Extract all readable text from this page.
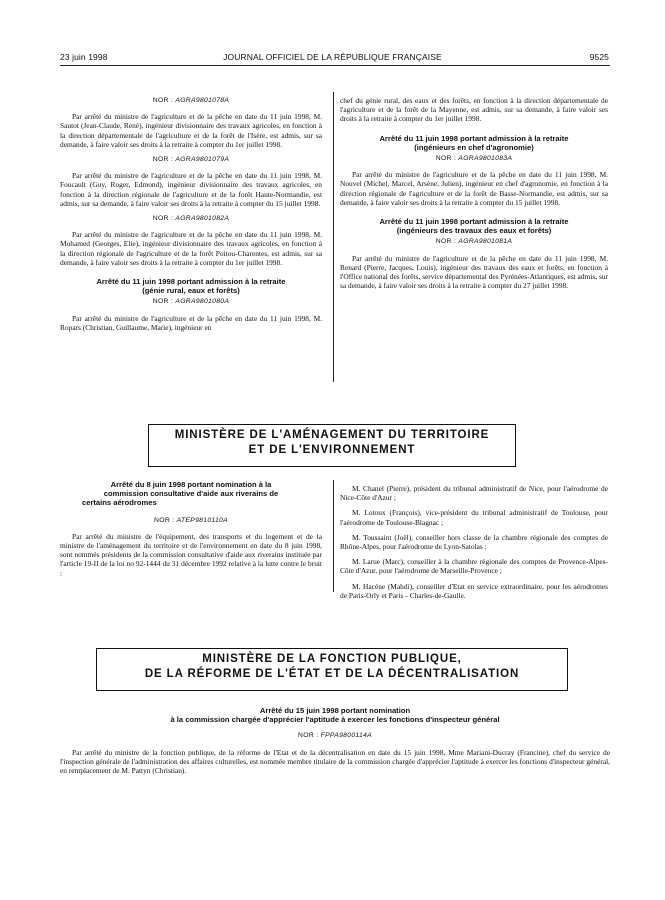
23 juin 1998	JOURNAL OFFICIEL DE LA RÉPUBLIQUE FRANÇAISE	9525
NOR : AGRA9801078A

Par arrêté du ministre de l'agriculture et de la pêche en date du 11 juin 1998, M. Sautot (Jean-Claude, René), ingénieur divisionnaire des travaux agricoles, en fonction à la direction départementale de l'agriculture et de la forêt de l'Isère, est admis, sur sa demande, à faire valoir ses droits à la retraite à compter du 1er juillet 1998.

NOR : AGRA9801079A

Par arrêté du ministre de l'agriculture et de la pêche en date du 11 juin 1998, M. Foucault (Guy, Roger, Edmond), ingénieur divisionnaire des travaux agricoles, en fonction à la direction régionale de l'agriculture et de la forêt Haute-Normandie, est admis, sur sa demande, à faire valoir ses droits à la retraite à compter du 15 juillet 1998.

NOR : AGRA9801082A

Par arrêté du ministre de l'agriculture et de la pêche en date du 11 juin 1998, M. Mohamed (Georges, Elie), ingénieur divisionnaire des travaux agricoles, en fonction à la direction régionale de l'agriculture et de la forêt Poitou-Charentes, est admis, sur sa demande, à faire valoir ses droits à la retraite à compter du 1er juillet 1998.

Arrêté du 11 juin 1998 portant admission à la retraite
(génie rural, eaux et forêts)
NOR : AGRA9801080A

Par arrêté du ministre de l'agriculture et de la pêche en date du 11 juin 1998, M. Ropars (Christian, Guillaume, Marie), ingénieur en

chef du génie rural, des eaux et des forêts, en fonction à la direction départementale de l'agriculture et de la forêt de la Mayenne, est admis, sur sa demande, à faire valoir ses droits à la retraite à compter du 1er juillet 1998.

Arrêté du 11 juin 1998 portant admission à la retraite
(ingénieurs en chef d'agronomie)
NOR : AGRA9801083A

Par arrêté du ministre de l'agriculture et de la pêche en date du 11 juin 1998, M. Nouvel (Michel, Marcel, Arsène, Julien), ingénieur en chef d'agronomie, en fonction à la direction régionale de l'agriculture et de la forêt de Basse-Normandie, est admis, sur sa demande, à faire valoir ses droits à la retraite à compter du 15 juillet 1998.

Arrêté du 11 juin 1998 portant admission à la retraite
(ingénieurs des travaux des eaux et forêts)
NOR : AGRA9801081A

Par arrêté du ministre de l'agriculture et de la pêche en date du 11 juin 1998, M. Renard (Pierre, Jacques, Louis), ingénieur des travaux des eaux et forêts, en fonction à l'Office national des forêts, service départemental des Pyrénées-Atlantiques, est admis, sur sa demande, à faire valoir ses droits à la retraite à compter du 27 juillet 1998.

MINISTÈRE DE L'AMÉNAGEMENT DU TERRITOIRE
ET DE L'ENVIRONNEMENT
Arrêté du 8 juin 1998 portant nomination à la
commission consultative d'aide aux riverains de
certains aérodromes
NOR : ATEP9810110A

Par arrêté du ministre de l'équipement, des transports et du logement et de la ministre de l'aménagement du territoire et de l'environnement en date du 8 juin 1998, sont nommés présidents de la commission consultative d'aide aux riverains instituée par l'article 19-II de la loi no 92-1444 du 31 décembre 1992 relative à la lutte contre le bruit :

M. Chanel (Pierre), président du tribunal administratif de Nice, pour l'aérodrome de Nice-Côte d'Azur ;

M. Lotoux (François), vice-président du tribunal administratif de Toulouse, pour l'aérodrome de Toulouse-Blagnac ;

M. Toussaint (Joël), conseiller hors classe de la chambre régionale des comptes de Rhône-Alpes, pour l'aérodrome de Lyon-Satolas ;

M. Larue (Marc), conseiller à la chambre régionale des comptes de Provence-Alpes-Côte d'Azur, pour l'aérodrome de Marseille-Provence ;

M. Hacène (Mahdi), conseiller d'Etat en service extraordinaire, pour les aérodromes de Paris-Orly et Paris - Charles-de-Gaulle.

MINISTÈRE DE LA FONCTION PUBLIQUE,
DE LA RÉFORME DE L'ÉTAT ET DE LA DÉCENTRALISATION
Arrêté du 15 juin 1998 portant nomination
à la commission chargée d'apprécier l'aptitude à exercer les fonctions d'inspecteur général
NOR : FPPA9800114A

Par arrêté du ministre de la fonction publique, de la réforme de l'Etat et de la décentralisation en date du 15 juin 1998, Mme Mariani-Ducray (Francine), chef du service de l'inspection générale de l'administration des affaires culturelles, est nommée membre titulaire de la commission chargée d'apprécier l'aptitude à exercer les fonctions d'inspecteur général, en remplacement de M. Pattyn (Christian).
